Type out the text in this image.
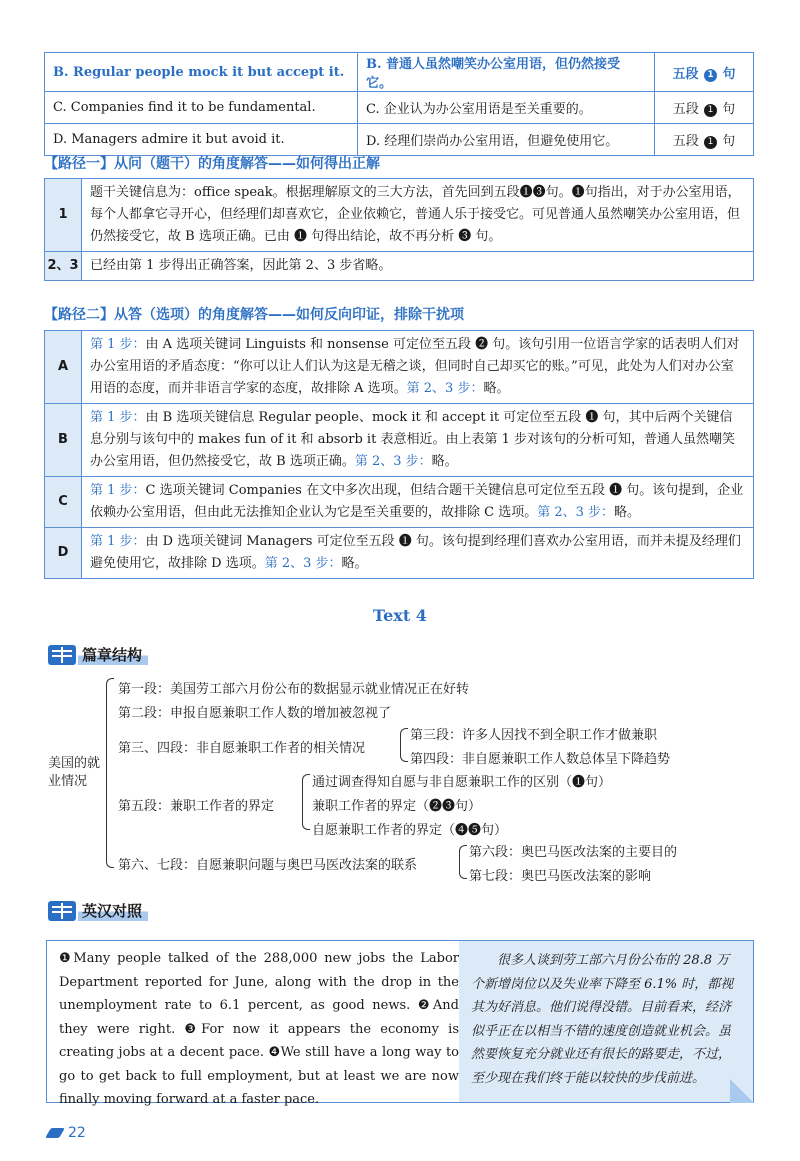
B. Regular people mock it but accept it.	B. 普通人虽然嘲笑办公室用语，但仍然接受它。	五段 1 句
C. Companies find it to be fundamental.	C. 企业认为办公室用语是至关重要的。	五段 1 句
D. Managers admire it but avoid it.	D. 经理们崇尚办公室用语，但避免使用它。	五段 1 句
【路径一】从问（题干）的角度解答——如何得出正解
1	题干关键信息为：office speak。根据理解原文的三大方法，首先回到五段❶❸句。❶句指出，对于办公室用语，每个人都拿它寻开心，但经理们却喜欢它，企业依赖它，普通人乐于接受它。可见普通人虽然嘲笑办公室用语，但仍然接受它，故 B 选项正确。已由 ❶ 句得出结论，故不再分析 ❸ 句。
2、3	已经由第 1 步得出正确答案，因此第 2、3 步省略。
【路径二】从答（选项）的角度解答——如何反向印证，排除干扰项
A	第 1 步：由 A 选项关键词 Linguists 和 nonsense 可定位至五段 ❷ 句。该句引用一位语言学家的话表明人们对办公室用语的矛盾态度：“你可以让人们认为这是无稽之谈，但同时自己却买它的账。”可见，此处为人们对办公室用语的态度，而并非语言学家的态度，故排除 A 选项。第 2、3 步：略。
B	第 1 步：由 B 选项关键信息 Regular people、mock it 和 accept it 可定位至五段 ❶ 句，其中后两个关键信息分别与该句中的 makes fun of it 和 absorb it 表意相近。由上表第 1 步对该句的分析可知，普通人虽然嘲笑办公室用语，但仍然接受它，故 B 选项正确。第 2、3 步：略。
C	第 1 步：C 选项关键词 Companies 在文中多次出现，但结合题干关键信息可定位至五段 ❶ 句。该句提到，企业依赖办公室用语，但由此无法推知企业认为它是至关重要的，故排除 C 选项。第 2、3 步：略。
D	第 1 步：由 D 选项关键词 Managers 可定位至五段 ❶ 句。该句提到经理们喜欢办公室用语，而并未提及经理们避免使用它，故排除 D 选项。第 2、3 步：略。
Text 4
篇章结构
美国的就
业情况
第一段：美国劳工部六月份公布的数据显示就业情况正在好转
第二段：申报自愿兼职工作人数的增加被忽视了
第三、四段：非自愿兼职工作者的相关情况
第三段：许多人因找不到全职工作才做兼职
第四段：非自愿兼职工作人数总体呈下降趋势
第五段：兼职工作者的界定
通过调查得知自愿与非自愿兼职工作的区别（❶句）
兼职工作者的界定（❷❸句）
自愿兼职工作者的界定（❹❺句）
第六、七段：自愿兼职问题与奥巴马医改法案的联系
第六段：奥巴马医改法案的主要目的
第七段：奥巴马医改法案的影响
英汉对照
❶Many people talked of the 288,000 new jobs the Labor Department reported for June, along with the drop in the unemployment rate to 6.1 percent, as good news. ❷And they were right. ❸For now it appears the economy is creating jobs at a decent pace. ❹We still have a long way to go to get back to full employment, but at least we are now finally moving forward at a faster pace.

很多人谈到劳工部六月份公布的 28.8 万个新增岗位以及失业率下降至 6.1% 时，都视其为好消息。他们说得没错。目前看来，经济似乎正在以相当不错的速度创造就业机会。虽然要恢复充分就业还有很长的路要走，不过，至少现在我们终于能以较快的步伐前进。

22
